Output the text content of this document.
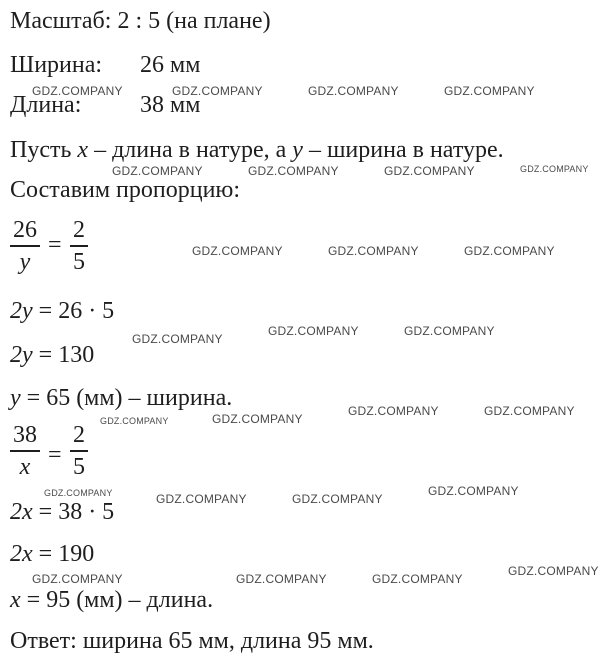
Масштаб: 2 : 5 (на плане)
Ширина: 26 мм
Длина: 38 мм
Пусть x – длина в натуре, а y – ширина в натуре.
Составим пропорцию:
26
y
=
2
5
2y = 26 · 5
2y = 130
y = 65 (мм) – ширина.
38
x =
2
5
2x = 38 · 5
2x = 190
x = 95 (мм) – длина.
Ответ: ширина 65 мм, длина 95 мм.
GDZ.COMPANY	GDZ.COMPANY	GDZ.COMPANY	GDZ.COMPANY
GDZ.COMPANY	GDZ.COMPANY	GDZ.COMPANY	GDZ.COMPANY
GDZ.COMPANY	GDZ.COMPANY	GDZ.COMPANY
GDZ.COMPANY
GDZ.COMPANY	GDZ.COMPANY
GDZ.COMPANY	GDZ.COMPANY
GDZ.COMPANY	GDZ.COMPANY
GDZ.COMPANY	GDZ.COMPANY	GDZ.COMPANY
GDZ.COMPANY
GDZ.COMPANY	GDZ.COMPANY	GDZ.COMPANY
GDZ.COMPANY
